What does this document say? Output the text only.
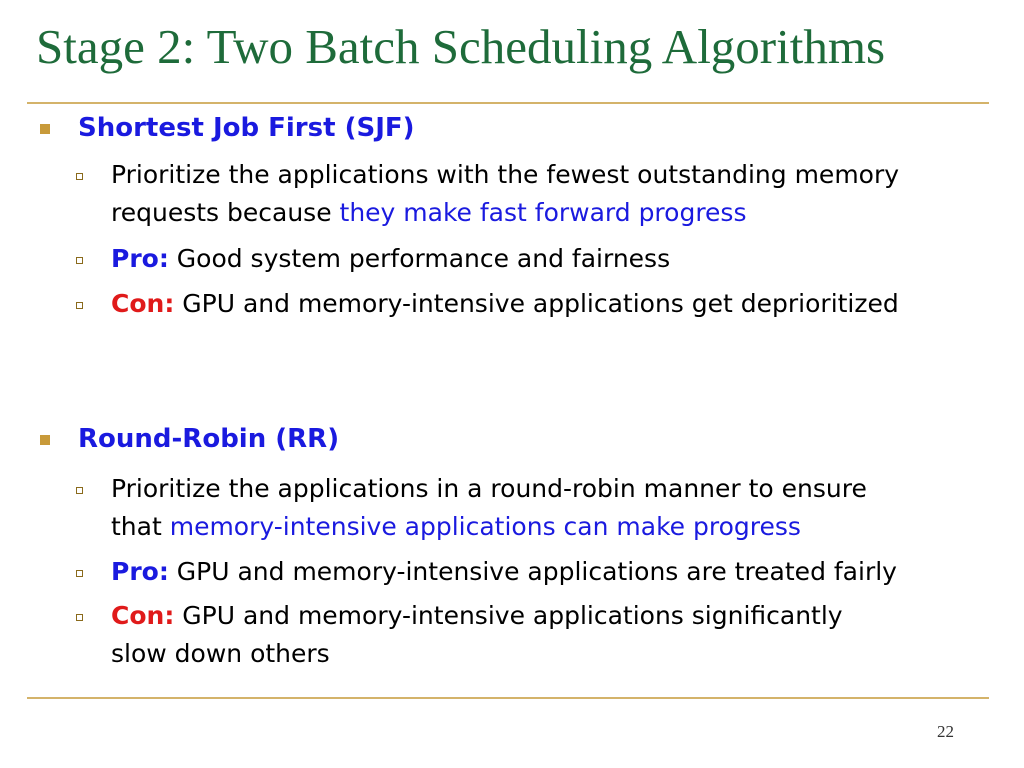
Stage 2: Two Batch Scheduling Algorithms
Shortest Job First (SJF)
Prioritize the applications with the fewest outstanding memory
requests because they make fast forward progress
Pro: Good system performance and fairness
Con: GPU and memory-intensive applications get deprioritized
Round-Robin (RR)
Prioritize the applications in a round-robin manner to ensure
that memory-intensive applications can make progress
Pro: GPU and memory-intensive applications are treated fairly
Con: GPU and memory-intensive applications significantly
slow down others
22
